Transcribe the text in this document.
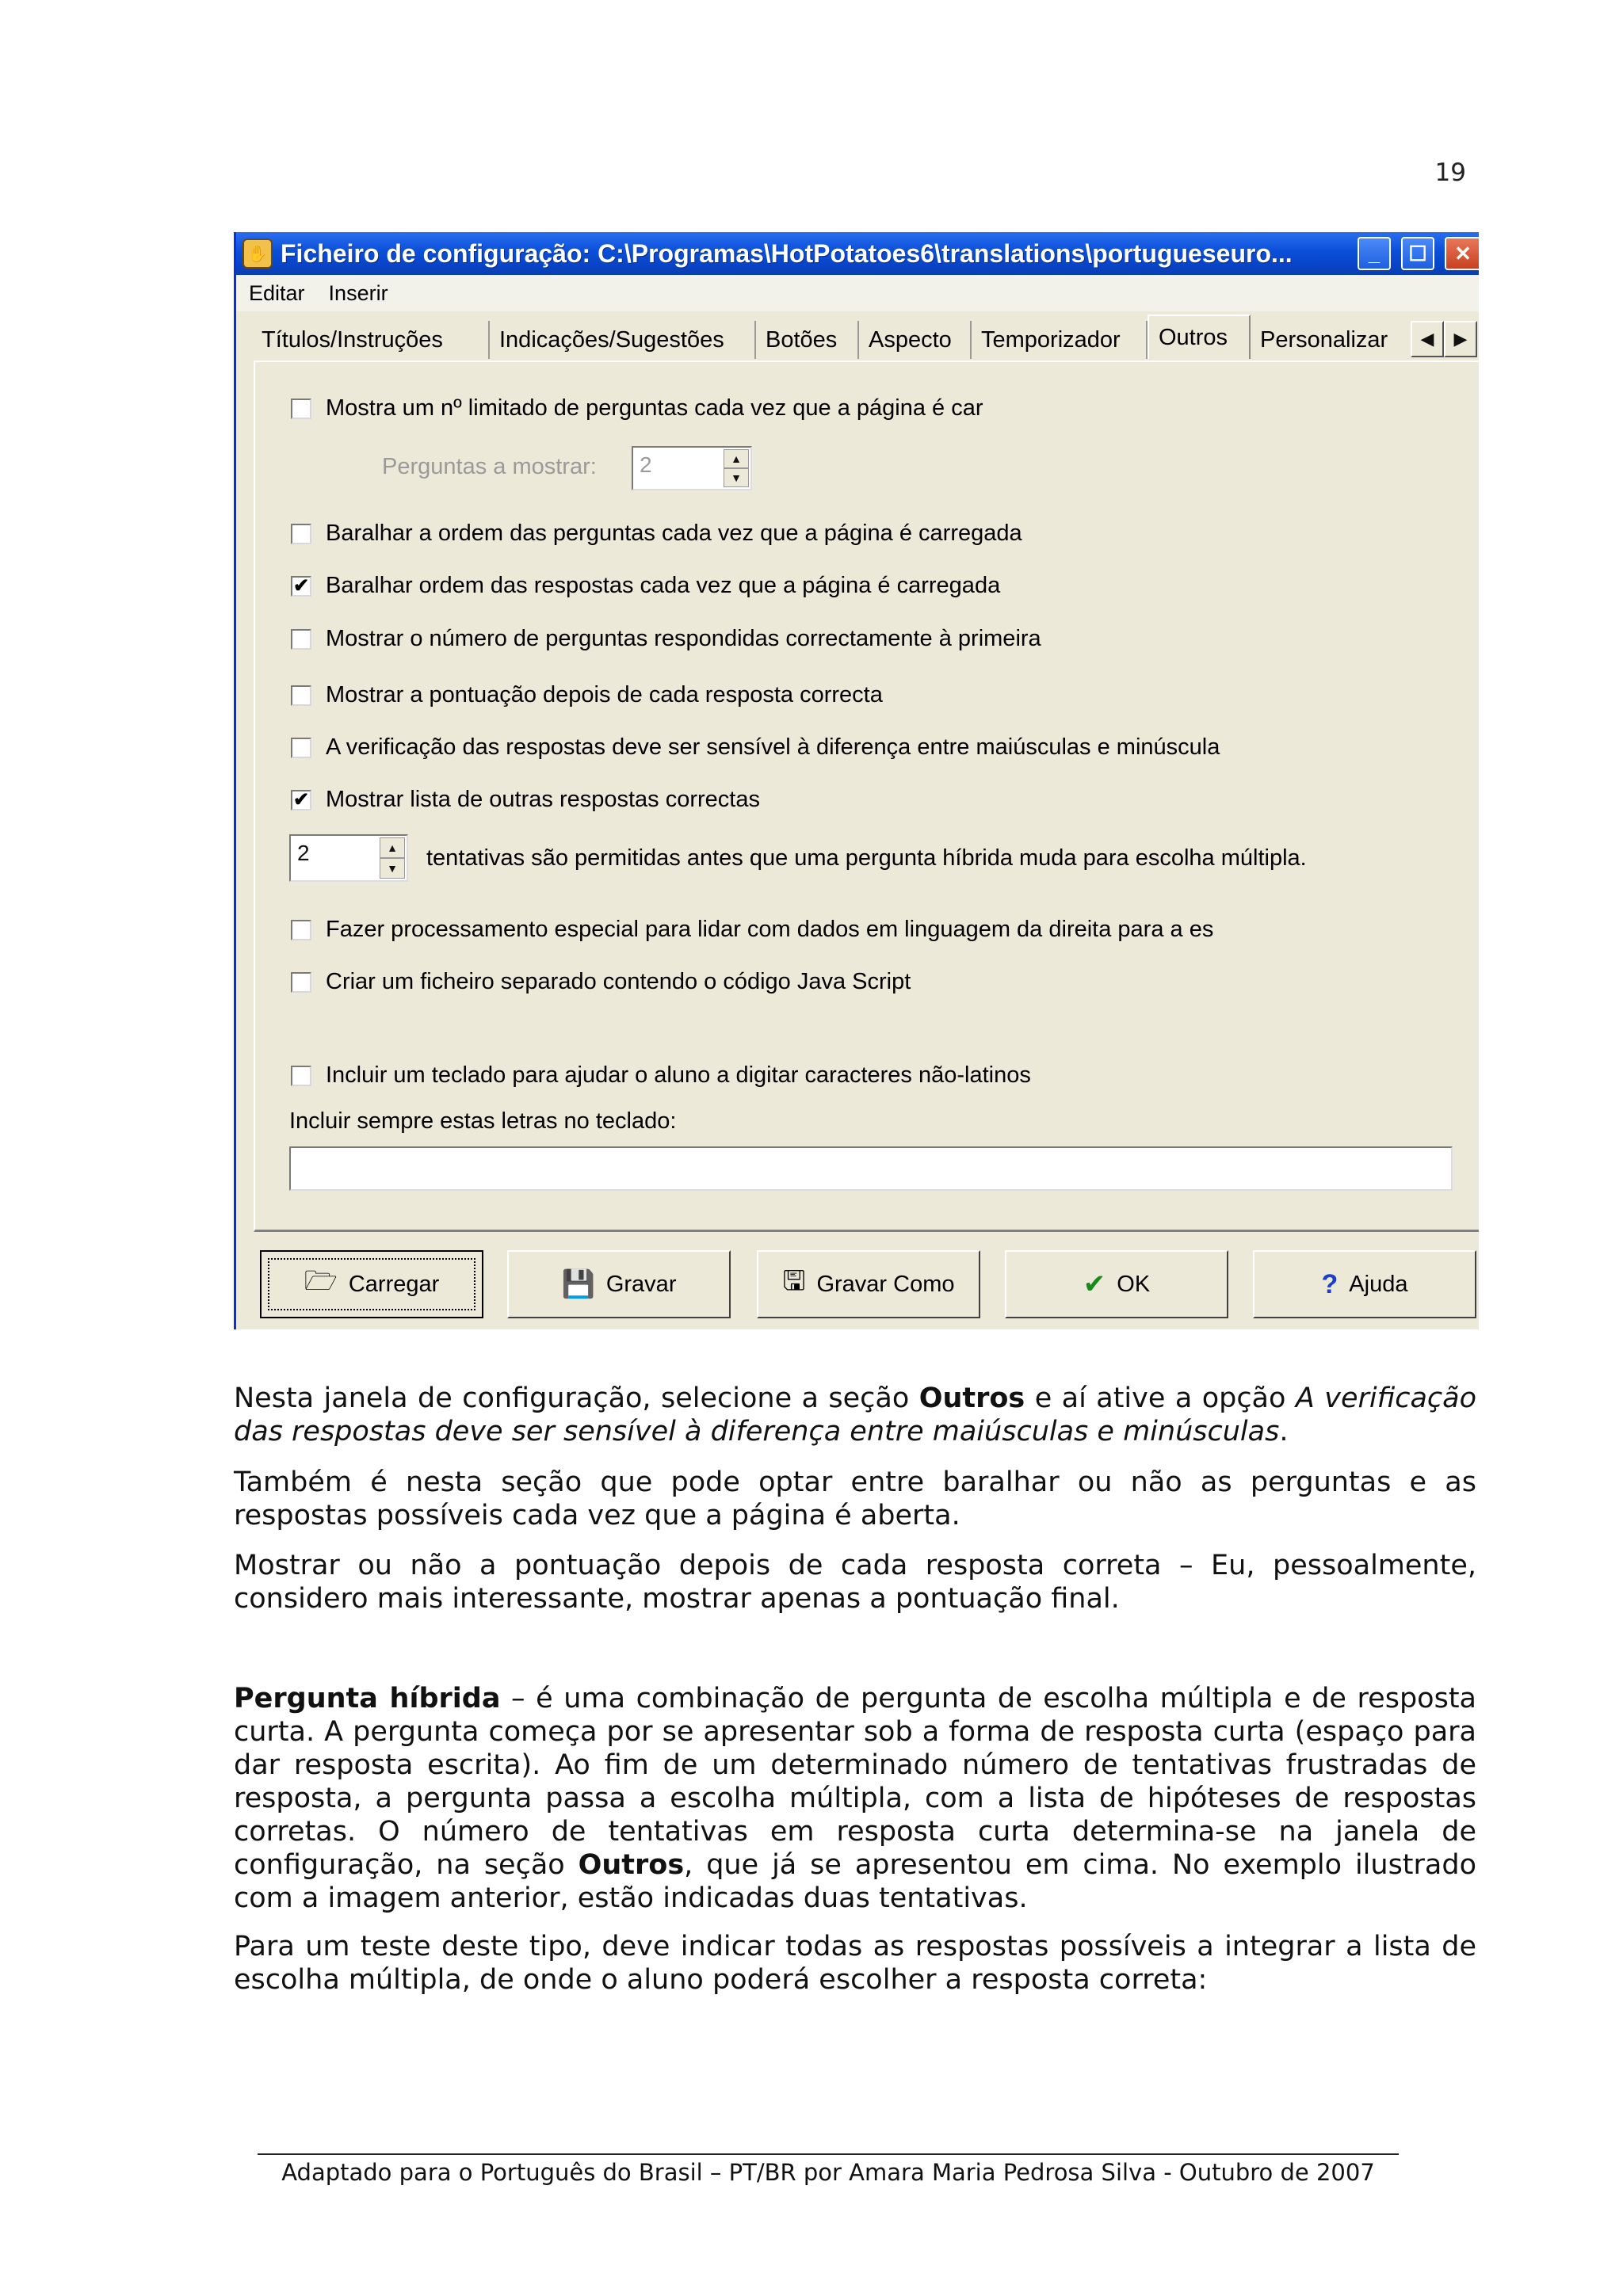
19
✋ Ficheiro de configuração: C:\Programas\HotPotatoes6\translations\portugueseuro...	_ ☐ ✕
Editar Inserir
Títulos/Instruções	Indicações/Sugestões	Botões	Aspecto	Temporizador	Outros	Personalizar	◀ ▶
Mostra um nº limitado de perguntas cada vez que a página é car
Perguntas a mostrar: 2	▲
▼
Baralhar a ordem das perguntas cada vez que a página é carregada
✔ Baralhar ordem das respostas cada vez que a página é carregada
Mostrar o número de perguntas respondidas correctamente à primeira
Mostrar a pontuação depois de cada resposta correcta
A verificação das respostas deve ser sensível à diferença entre maiúsculas e minúscula
✔ Mostrar lista de outras respostas correctas
2	▲
▼	tentativas são permitidas antes que uma pergunta híbrida muda para escolha múltipla.
Fazer processamento especial para lidar com dados em linguagem da direita para a es
Criar um ficheiro separado contendo o código Java Script
Incluir um teclado para ajudar o aluno a digitar caracteres não-latinos
Incluir sempre estas letras no teclado:
🗁 Carregar	💾 Gravar	🖫 Gravar Como	✔ OK	? Ajuda

Nesta janela de configuração, selecione a seção Outros e aí ative a opção A verificação das respostas deve ser sensível à diferença entre maiúsculas e minúsculas.

Também é nesta seção que pode optar entre baralhar ou não as perguntas e as respostas possíveis cada vez que a página é aberta.

Mostrar ou não a pontuação depois de cada resposta correta – Eu, pessoalmente, considero mais interessante, mostrar apenas a pontuação final.

Pergunta híbrida – é uma combinação de pergunta de escolha múltipla e de resposta curta. A pergunta começa por se apresentar sob a forma de resposta curta (espaço para dar resposta escrita). Ao fim de um determinado número de tentativas frustradas de resposta, a pergunta passa a escolha múltipla, com a lista de hipóteses de respostas corretas. O número de tentativas em resposta curta determina-se na janela de configuração, na seção Outros, que já se apresentou em cima. No exemplo ilustrado com a imagem anterior, estão indicadas duas tentativas.

Para um teste deste tipo, deve indicar todas as respostas possíveis a integrar a lista de escolha múltipla, de onde o aluno poderá escolher a resposta correta:

Adaptado para o Português do Brasil – PT/BR por Amara Maria Pedrosa Silva - Outubro de 2007
